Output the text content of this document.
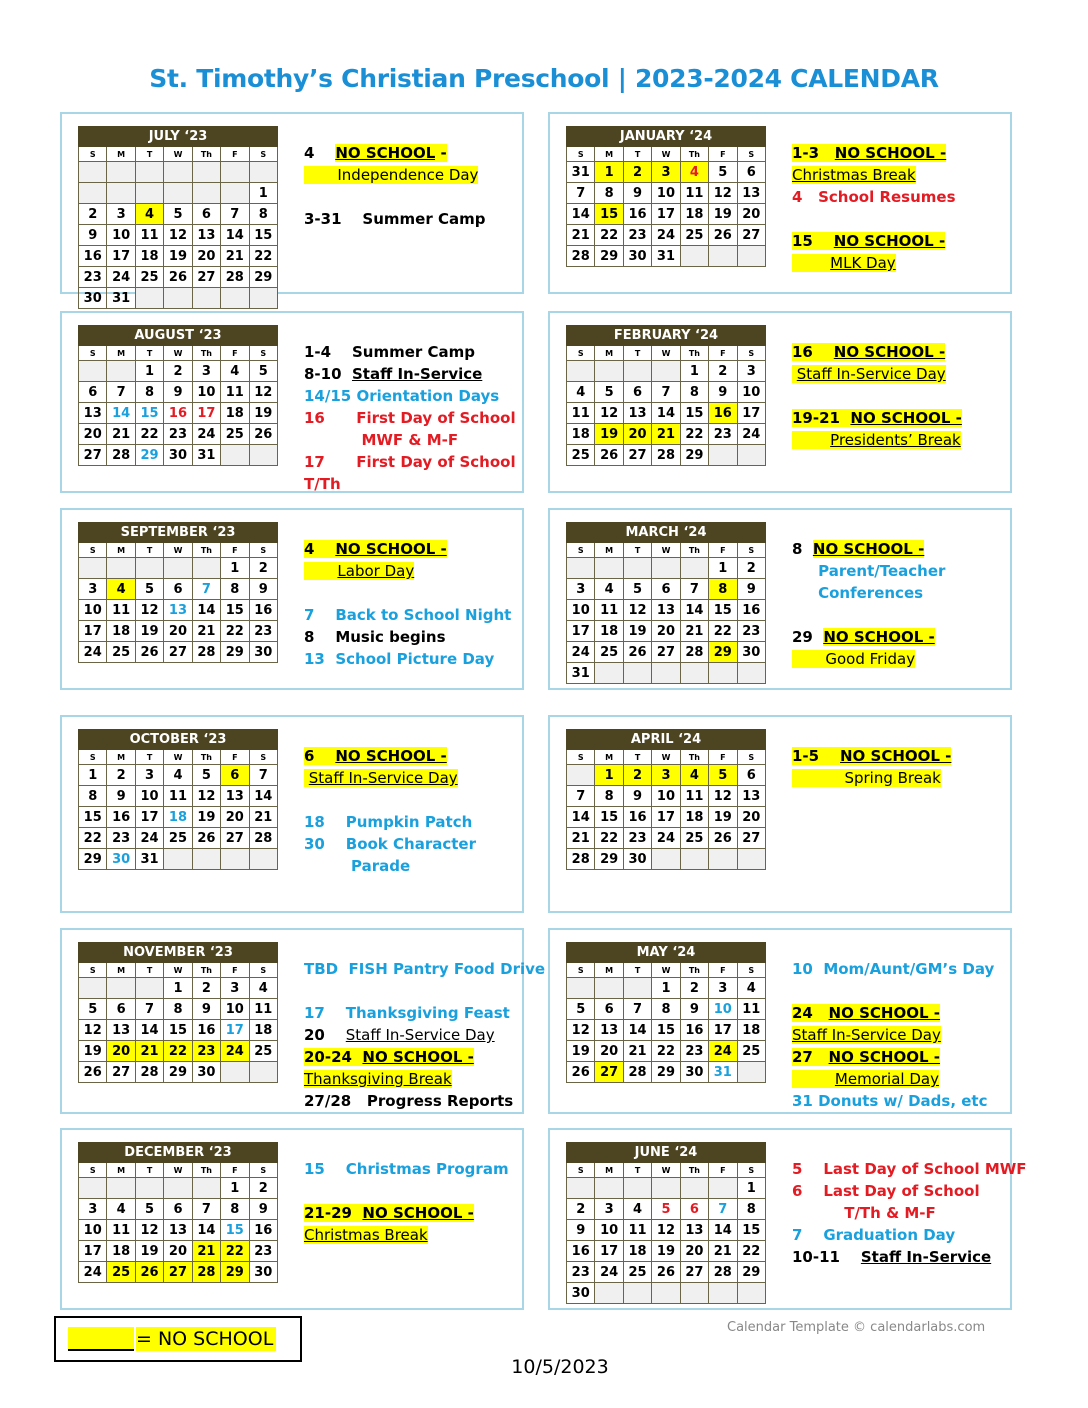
St. Timothy’s Christian Preschool | 2023-2024 CALENDAR
JULY ‘23						
S	M	T	W	Th	F	S

						1
2	3	4	5	6	7	8
9	10	11	12	13	14	15
16	17	18	19	20	21	22
23	24	25	26	27	28	29
30	31					
4    NO SCHOOL -
Independence Day

3-31    Summer Camp
JANUARY ‘24						
S	M	T	W	Th	F	S
31	1	2	3	4	5	6
7	8	9	10	11	12	13
14	15	16	17	18	19	20
21	22	23	24	25	26	27
28	29	30	31			
1-3   NO SCHOOL -
Christmas Break
4   School Resumes

15    NO SCHOOL -
MLK Day
AUGUST ‘23						
S	M	T	W	Th	F	S
		1	2	3	4	5
6	7	8	9	10	11	12
13	14	15	16	17	18	19
20	21	22	23	24	25	26
27	28	29	30	31		
1-4    Summer Camp
8-10  Staff In-Service
14/15 Orientation Days
16      First Day of School
MWF & M-F
17      First Day of School
T/Th
FEBRUARY ‘24						
S	M	T	W	Th	F	S
				1	2	3
4	5	6	7	8	9	10
11	12	13	14	15	16	17
18	19	20	21	22	23	24
25	26	27	28	29		
16    NO SCHOOL -
Staff In-Service Day

19-21  NO SCHOOL -
Presidents’ Break
SEPTEMBER ‘23						
S	M	T	W	Th	F	S
					1	2
3	4	5	6	7	8	9
10	11	12	13	14	15	16
17	18	19	20	21	22	23
24	25	26	27	28	29	30
4    NO SCHOOL -
Labor Day

7    Back to School Night
8    Music begins
13  School Picture Day
MARCH ‘24						
S	M	T	W	Th	F	S
					1	2
3	4	5	6	7	8	9
10	11	12	13	14	15	16
17	18	19	20	21	22	23
24	25	26	27	28	29	30
31						
8  NO SCHOOL -
Parent/Teacher
Conferences

29  NO SCHOOL -
Good Friday
OCTOBER ‘23						
S	M	T	W	Th	F	S
1	2	3	4	5	6	7
8	9	10	11	12	13	14
15	16	17	18	19	20	21
22	23	24	25	26	27	28
29	30	31				
6    NO SCHOOL -
Staff In-Service Day

18    Pumpkin Patch
30    Book Character
Parade
APRIL ‘24						
S	M	T	W	Th	F	S
	1	2	3	4	5	6
7	8	9	10	11	12	13
14	15	16	17	18	19	20
21	22	23	24	25	26	27
28	29	30				
1-5    NO SCHOOL -
Spring Break
NOVEMBER ‘23						
S	M	T	W	Th	F	S
			1	2	3	4
5	6	7	8	9	10	11
12	13	14	15	16	17	18
19	20	21	22	23	24	25
26	27	28	29	30		
TBD  FISH Pantry Food Drive

17    Thanksgiving Feast
20    Staff In-Service Day
20-24  NO SCHOOL -
Thanksgiving Break
27/28   Progress Reports
MAY ‘24						
S	M	T	W	Th	F	S
			1	2	3	4
5	6	7	8	9	10	11
12	13	14	15	16	17	18
19	20	21	22	23	24	25
26	27	28	29	30	31	
10  Mom/Aunt/GM’s Day

24   NO SCHOOL -
Staff In-Service Day
27   NO SCHOOL -
Memorial Day
31 Donuts w/ Dads, etc
DECEMBER ‘23						
S	M	T	W	Th	F	S
					1	2
3	4	5	6	7	8	9
10	11	12	13	14	15	16
17	18	19	20	21	22	23
24	25	26	27	28	29	30
15    Christmas Program

21-29  NO SCHOOL -
Christmas Break
JUNE ‘24						
S	M	T	W	Th	F	S
						1
2	3	4	5	6	7	8
9	10	11	12	13	14	15
16	17	18	19	20	21	22
23	24	25	26	27	28	29
30						
5    Last Day of School MWF
6    Last Day of School
T/Th & M-F
7    Graduation Day
10-11    Staff In-Service
= NO SCHOOL
Calendar Template © calendarlabs.com
10/5/2023
